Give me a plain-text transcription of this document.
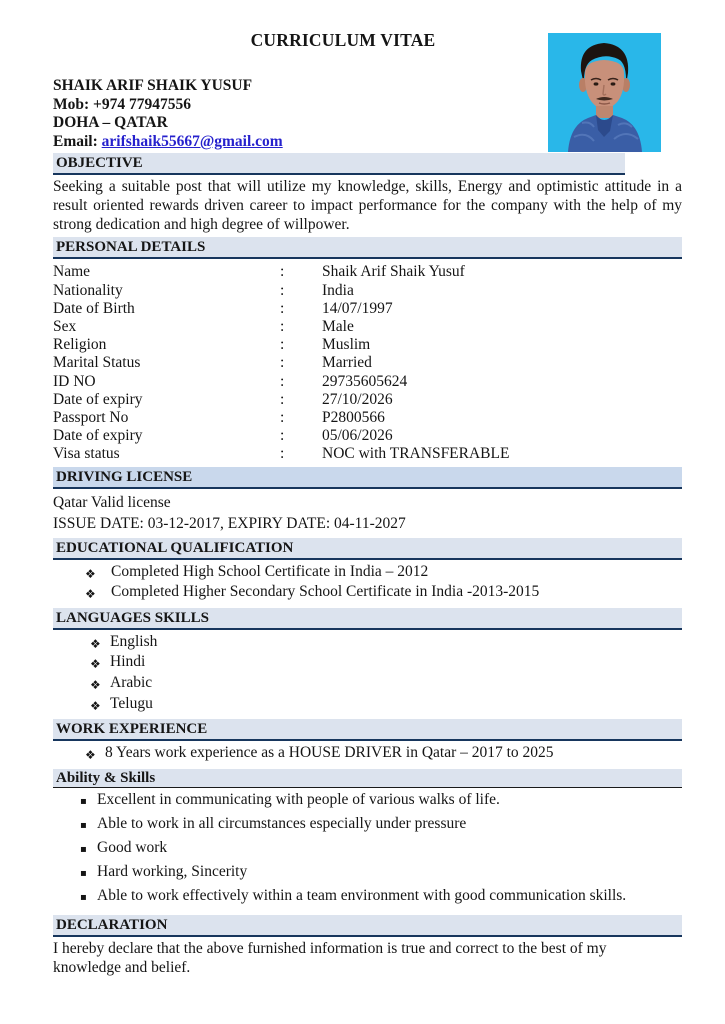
CURRICULUM VITAE
SHAIK ARIF SHAIK YUSUF
Mob: +974 77947556
DOHA – QATAR
Email: arifshaik55667@gmail.com
OBJECTIVE
Seeking a suitable post that will utilize my knowledge, skills, Energy and optimistic attitude in a result oriented rewards driven career to impact performance for the company with the help of my strong dedication and high degree of willpower.
PERSONAL DETAILS
Name	:	Shaik Arif Shaik Yusuf
Nationality	:	India
Date of Birth	:	14/07/1997
Sex	:	Male
Religion	:	Muslim
Marital Status	:	Married
ID NO	:	29735605624
Date of expiry	:	27/10/2026
Passport No	:	P2800566
Date of expiry	:	05/06/2026
Visa status	:	NOC with TRANSFERABLE
DRIVING LICENSE
Qatar Valid license
ISSUE DATE: 03-12-2017, EXPIRY DATE: 04-11-2027
EDUCATIONAL QUALIFICATION
❖ Completed High School Certificate in India – 2012
❖ Completed Higher Secondary School Certificate in India -2013-2015
LANGUAGES SKILLS
❖ English
❖ Hindi
❖ Arabic
❖ Telugu
WORK EXPERIENCE
❖ 8 Years work experience as a HOUSE DRIVER in Qatar – 2017 to 2025
Ability & Skills
▪ Excellent in communicating with people of various walks of life.
▪ Able to work in all circumstances especially under pressure
▪ Good work
▪ Hard working, Sincerity
▪ Able to work effectively within a team environment with good communication skills.
DECLARATION
I hereby declare that the above furnished information is true and correct to the best of my knowledge and belief.
